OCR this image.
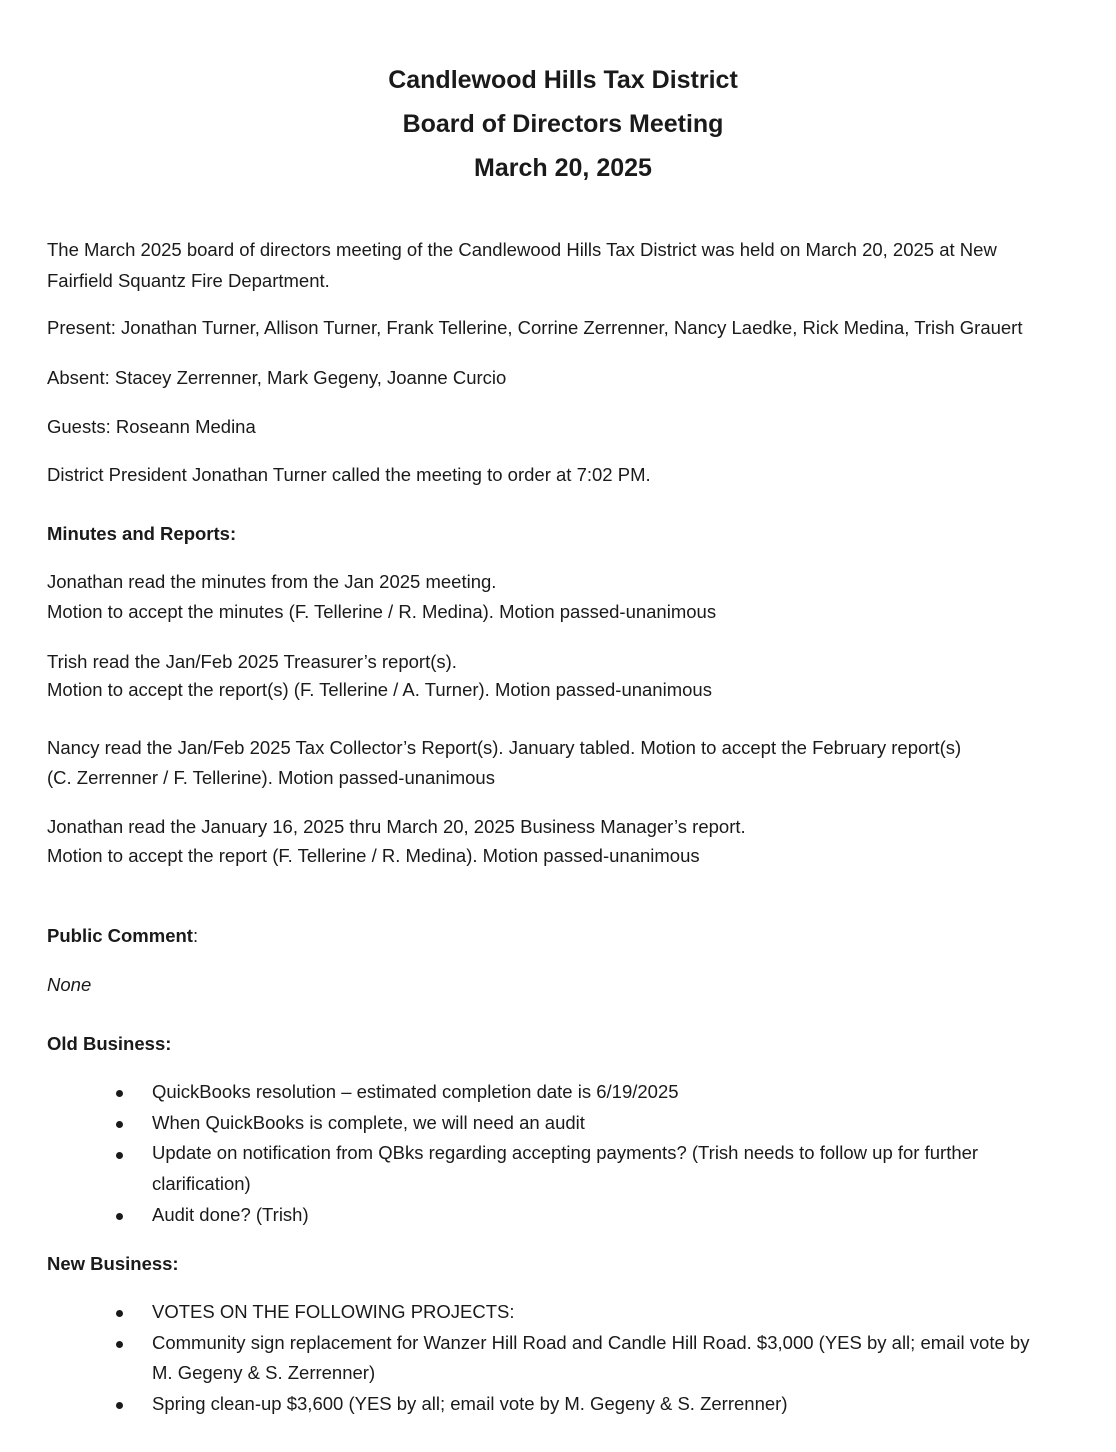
Candlewood Hills Tax District
Board of Directors Meeting
March 20, 2025
The March 2025 board of directors meeting of the Candlewood Hills Tax District was held on March 20, 2025 at New
Fairfield Squantz Fire Department.
Present: Jonathan Turner, Allison Turner, Frank Tellerine, Corrine Zerrenner, Nancy Laedke, Rick Medina, Trish Grauert
Absent: Stacey Zerrenner, Mark Gegeny, Joanne Curcio
Guests: Roseann Medina
District President Jonathan Turner called the meeting to order at 7:02 PM.
Minutes and Reports:
Jonathan read the minutes from the Jan 2025 meeting.
Motion to accept the minutes (F. Tellerine / R. Medina). Motion passed-unanimous
Trish read the Jan/Feb 2025 Treasurer’s report(s).
Motion to accept the report(s) (F. Tellerine / A. Turner). Motion passed-unanimous
Nancy read the Jan/Feb 2025 Tax Collector’s Report(s). January tabled. Motion to accept the February report(s)
(C. Zerrenner / F. Tellerine). Motion passed-unanimous
Jonathan read the January 16, 2025 thru March 20, 2025 Business Manager’s report.
Motion to accept the report (F. Tellerine / R. Medina). Motion passed-unanimous
Public Comment:
None
Old Business:
QuickBooks resolution – estimated completion date is 6/19/2025
When QuickBooks is complete, we will need an audit
Update on notification from QBks regarding accepting payments? (Trish needs to follow up for further
clarification)
Audit done? (Trish)
New Business:
VOTES ON THE FOLLOWING PROJECTS:
Community sign replacement for Wanzer Hill Road and Candle Hill Road. $3,000 (YES by all; email vote by
M. Gegeny & S. Zerrenner)
Spring clean-up $3,600 (YES by all; email vote by M. Gegeny & S. Zerrenner)
